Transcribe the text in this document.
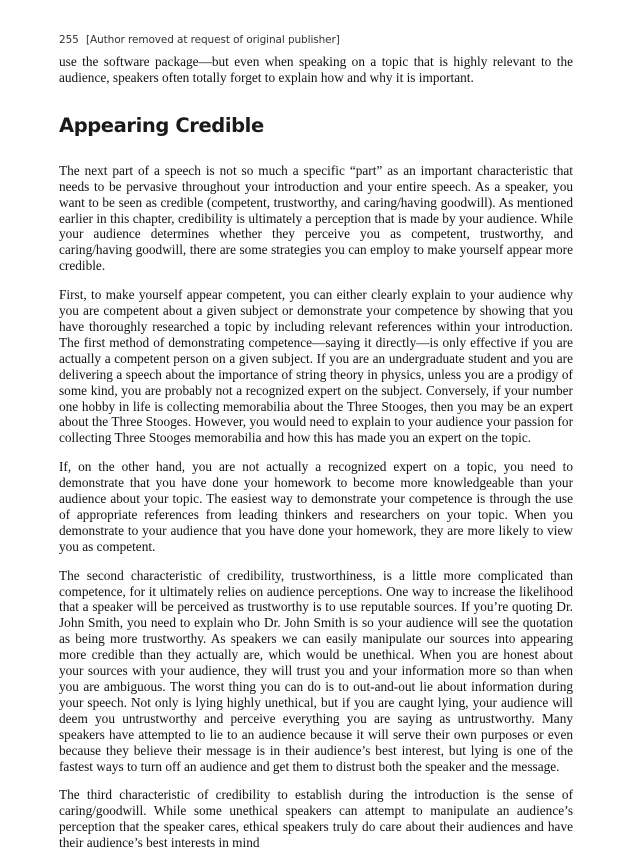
255 [Author removed at request of original publisher]

use the software package—but even when speaking on a topic that is highly relevant to the audience, speakers often totally forget to explain how and why it is important.

Appearing Credible

The next part of a speech is not so much a specific “part” as an important characteristic that needs to be pervasive throughout your introduction and your entire speech. As a speaker, you want to be seen as credible (competent, trustworthy, and caring/having goodwill). As mentioned earlier in this chapter, credibility is ultimately a perception that is made by your audience. While your audience determines whether they perceive you as competent, trustworthy, and caring/having goodwill, there are some strategies you can employ to make yourself appear more credible.

First, to make yourself appear competent, you can either clearly explain to your audience why you are competent about a given subject or demonstrate your competence by showing that you have thoroughly researched a topic by including relevant references within your introduction. The first method of demonstrating competence—saying it directly—is only effective if you are actually a competent person on a given subject. If you are an undergraduate student and you are delivering a speech about the importance of string theory in physics, unless you are a prodigy of some kind, you are probably not a recognized expert on the subject. Conversely, if your number one hobby in life is collecting memorabilia about the Three Stooges, then you may be an expert about the Three Stooges. However, you would need to explain to your audience your passion for collecting Three Stooges memorabilia and how this has made you an expert on the topic.

If, on the other hand, you are not actually a recognized expert on a topic, you need to demonstrate that you have done your homework to become more knowledgeable than your audience about your topic. The easiest way to demonstrate your competence is through the use of appropriate references from leading thinkers and researchers on your topic. When you demonstrate to your audience that you have done your homework, they are more likely to view you as competent.

The second characteristic of credibility, trustworthiness, is a little more complicated than competence, for it ultimately relies on audience perceptions. One way to increase the likelihood that a speaker will be perceived as trustworthy is to use reputable sources. If you’re quoting Dr. John Smith, you need to explain who Dr. John Smith is so your audience will see the quotation as being more trustworthy. As speakers we can easily manipulate our sources into appearing more credible than they actually are, which would be unethical. When you are honest about your sources with your audience, they will trust you and your information more so than when you are ambiguous. The worst thing you can do is to out-and-out lie about information during your speech. Not only is lying highly unethical, but if you are caught lying, your audience will deem you untrustworthy and perceive everything you are saying as untrustworthy. Many speakers have attempted to lie to an audience because it will serve their own purposes or even because they believe their message is in their audience’s best interest, but lying is one of the fastest ways to turn off an audience and get them to distrust both the speaker and the message.

The third characteristic of credibility to establish during the introduction is the sense of caring/goodwill. While some unethical speakers can attempt to manipulate an audience’s perception that the speaker cares, ethical speakers truly do care about their audiences and have their audience’s best interests in mind
